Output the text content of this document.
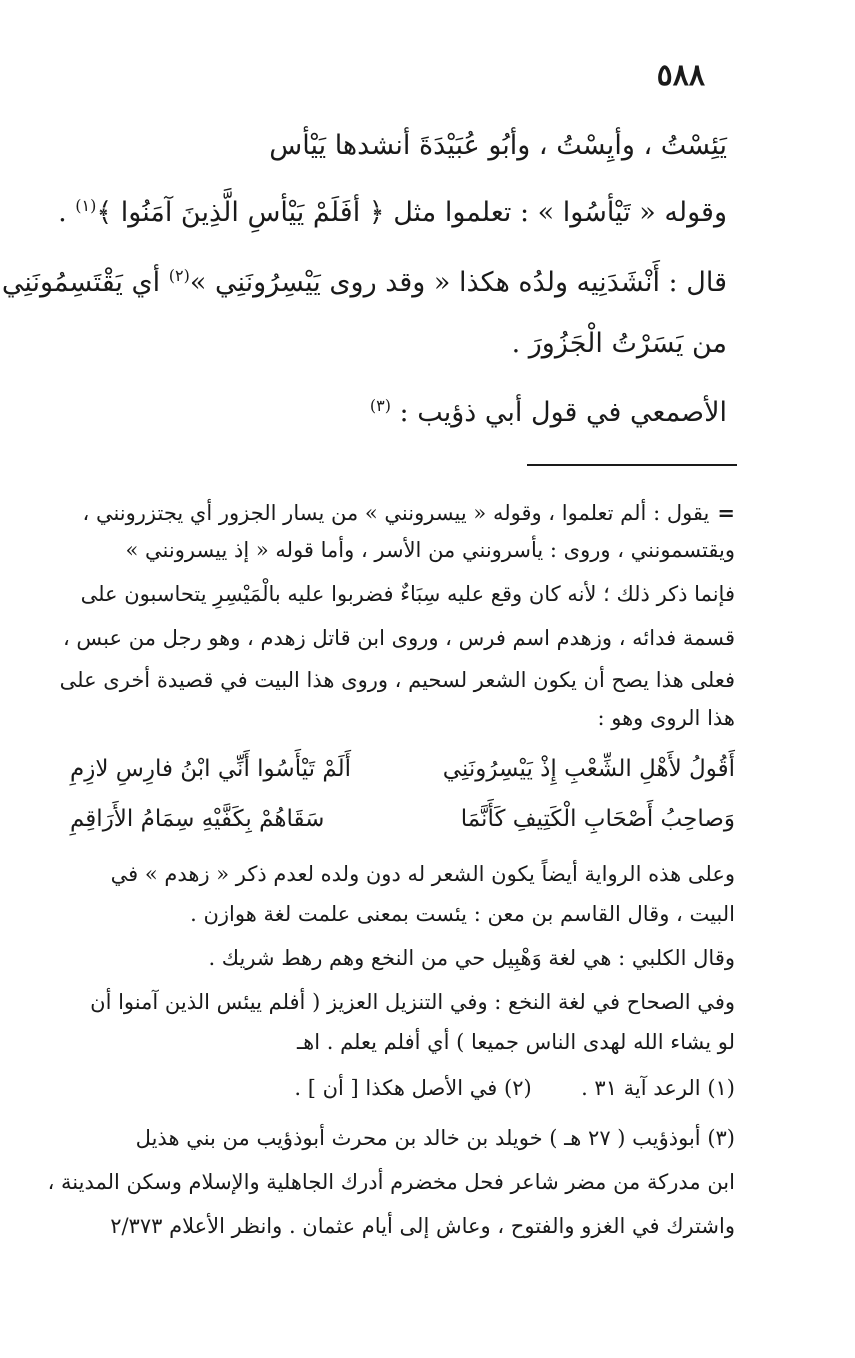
٥٨٨
يَئِسْتُ ، وأيِسْتُ ، وأبُو عُبَيْدَةَ أنشدها يَيْأس
وقوله « تَيْأسُوا » : تعلموا مثل ﴿ أفَلَمْ يَيْأسِ الَّذِينَ آمَنُوا ﴾$^{(١)}$ .
قال : أَنْشَدَنِيه ولدُه هكذا « وقد روى يَيْسِرُونَنِي »$^{(٢)}$ أي يَقْتَسِمُونَنِي
من يَسَرْتُ الْجَزُورَ .
الأصمعي في قول أبي ذؤيب : $^{(٣)}$
=يقول : ألم تعلموا ، وقوله « ييسرونني » من يسار الجزور أي يجتزرونني ،
ويقتسمونني ، وروى : يأسرونني من الأسر ، وأما قوله « إذ ييسرونني »
فإنما ذكر ذلك ؛ لأنه كان وقع عليه سِبَاءٌ فضربوا عليه بالْمَيْسِرِ يتحاسبون على
قسمة فدائه ، وزهدم اسم فرس ، وروى ابن قاتل زهدم ، وهو رجل من عبس ،
فعلى هذا يصح أن يكون الشعر لسحيم ، وروى هذا البيت في قصيدة أخرى على
هذا الروى وهو :
أَقُولُ لأَهْلِ الشِّعْبِ إِذْ يَيْسِرُونَنِي
أَلَمْ تَيْأَسُوا أَنِّي ابْنُ فارِسِ لازِمِ
وَصاحِبُ أَصْحَابِ الْكَتِيفِ كَأَنَّمَا
سَقَاهُمْ بِكَفَّيْهِ سِمَامُ الأَرَاقِمِ
وعلى هذه الرواية أيضاً يكون الشعر له دون ولده لعدم ذكر « زهدم » في
البيت ، وقال القاسم بن معن : يئست بمعنى علمت لغة هوازن .
وقال الكلبي : هي لغة وَهْبِيل حي من النخع وهم رهط شريك .
وفي الصحاح في لغة النخع : وفي التنزيل العزيز ( أفلم ييئس الذين آمنوا أن
لو يشاء الله لهدى الناس جميعا ) أي أفلم يعلم . اهـ
(١) الرعد آية ٣١ .  (٢) في الأصل هكذا [ أن ] .
(٣) أبوذؤيب ( ٢٧ هـ ) خويلد بن خالد بن محرث أبوذؤيب من بني هذيل
ابن مدركة من مضر شاعر فحل مخضرم أدرك الجاهلية والإسلام وسكن المدينة ،
واشترك في الغزو والفتوح ، وعاش إلى أيام عثمان . وانظر الأعلام ٢/٣٧٣
